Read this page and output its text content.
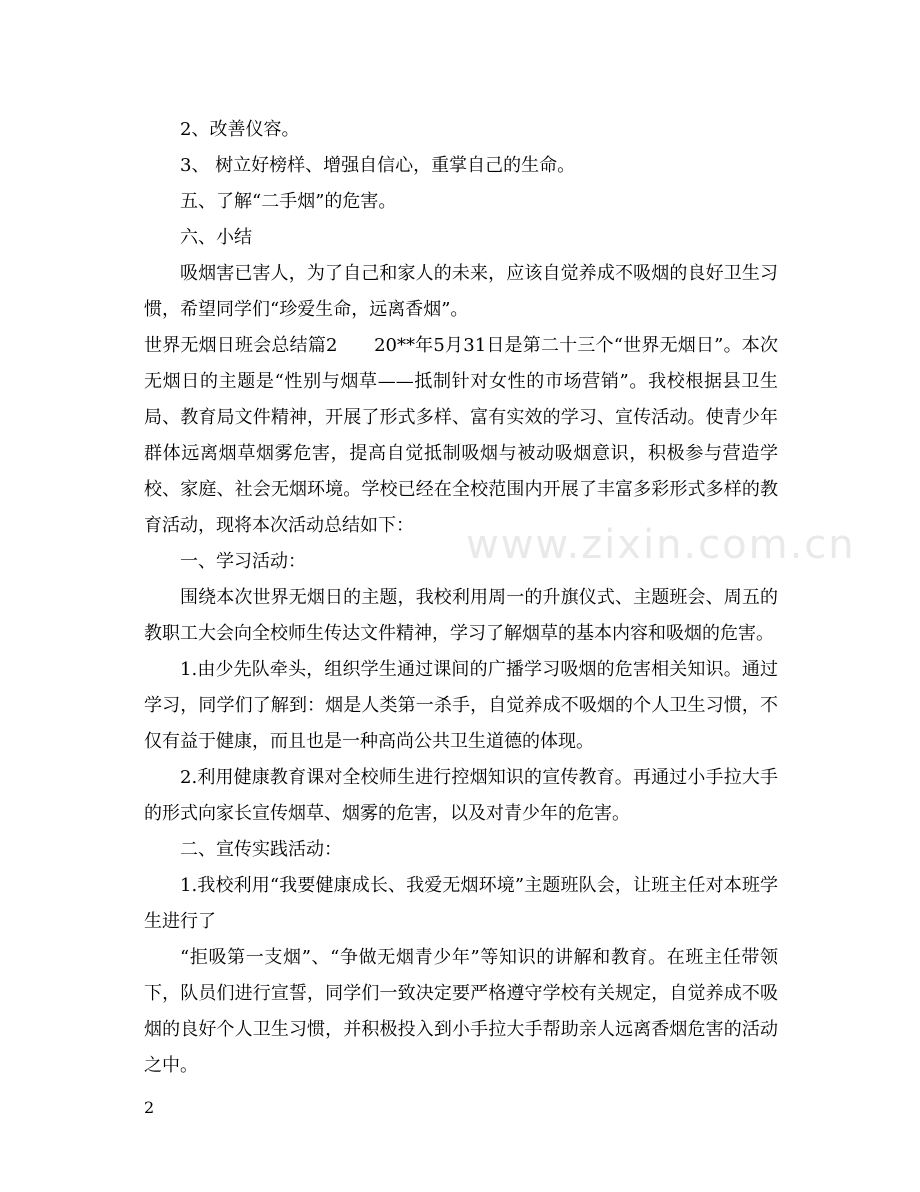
www.zixin.com.cn

2、改善仪容。

3、 树立好榜样、增强自信心，重掌自己的生命。

五、了解“二手烟”的危害。

六、小结

吸烟害已害人，为了自己和家人的未来，应该自觉养成不吸烟的良好卫生习惯，希望同学们“珍爱生命，远离香烟”。

世界无烟日班会总结篇2　　20**年5月31日是第二十三个“世界无烟日”。本次无烟日的主题是“性别与烟草——抵制针对女性的市场营销”。我校根据县卫生局、教育局文件精神，开展了形式多样、富有实效的学习、宣传活动。使青少年群体远离烟草烟雾危害，提高自觉抵制吸烟与被动吸烟意识，积极参与营造学校、家庭、社会无烟环境。学校已经在全校范围内开展了丰富多彩形式多样的教育活动，现将本次活动总结如下：

一、学习活动：

围绕本次世界无烟日的主题，我校利用周一的升旗仪式、主题班会、周五的教职工大会向全校师生传达文件精神，学习了解烟草的基本内容和吸烟的危害。

1.由少先队牵头，组织学生通过课间的广播学习吸烟的危害相关知识。通过学习，同学们了解到：烟是人类第一杀手，自觉养成不吸烟的个人卫生习惯，不仅有益于健康，而且也是一种高尚公共卫生道德的体现。

2.利用健康教育课对全校师生进行控烟知识的宣传教育。再通过小手拉大手的形式向家长宣传烟草、烟雾的危害，以及对青少年的危害。

二、宣传实践活动：

1.我校利用“我要健康成长、我爱无烟环境”主题班队会，让班主任对本班学生进行了

“拒吸第一支烟”、“争做无烟青少年”等知识的讲解和教育。在班主任带领下，队员们进行宣誓，同学们一致决定要严格遵守学校有关规定，自觉养成不吸烟的良好个人卫生习惯，并积极投入到小手拉大手帮助亲人远离香烟危害的活动之中。

2
